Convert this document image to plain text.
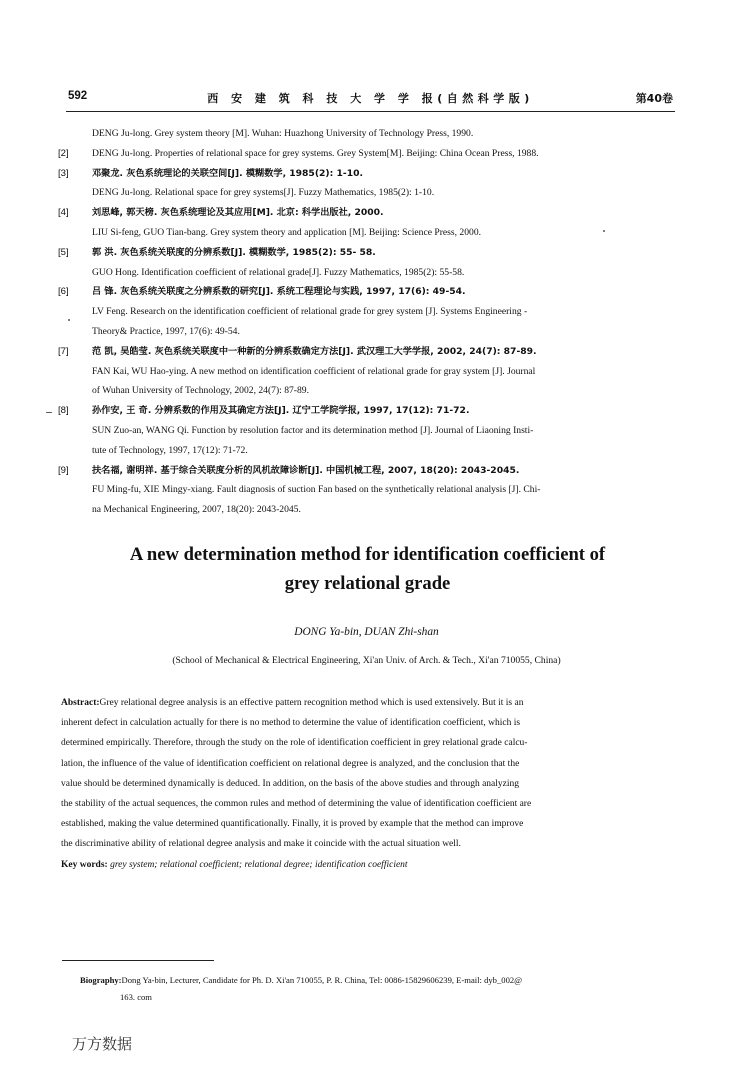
592	西 安 建 筑 科 技 大 学 学 报(自然科学版)	第40卷
DENG Ju-long. Grey system theory [M]. Wuhan: Huazhong University of Technology Press, 1990.
[2] DENG Ju-long. Properties of relational space for grey systems. Grey System[M]. Beijing: China Ocean Press, 1988.
[3]	邓聚龙. 灰色系统理论的关联空间[J]. 模糊数学, 1985(2): 1-10.
DENG Ju-long. Relational space for grey systems[J]. Fuzzy Mathematics, 1985(2): 1-10.
[4]	刘思峰, 郭天榜. 灰色系统理论及其应用[M]. 北京: 科学出版社, 2000.
LIU Si-feng, GUO Tian-bang. Grey system theory and application [M]. Beijing: Science Press, 2000.
[5]	郭 洪. 灰色系统关联度的分辨系数[J]. 模糊数学, 1985(2): 55- 58.
GUO Hong. Identification coefficient of relational grade[J]. Fuzzy Mathematics, 1985(2): 55-58.
[6]	吕 锋. 灰色系统关联度之分辨系数的研究[J]. 系统工程理论与实践, 1997, 17(6): 49-54.
LV Feng. Research on the identification coefficient of relational grade for grey system [J]. Systems Engineering -
Theory& Practice, 1997, 17(6): 49-54.
[7]	范 凯, 吴皓莹. 灰色系统关联度中一种新的分辨系数确定方法[J]. 武汉理工大学学报, 2002, 24(7): 87-89.
FAN Kai, WU Hao-ying. A new method on identification coefficient of relational grade for gray system [J]. Journal
of Wuhan University of Technology, 2002, 24(7): 87-89.
[8]	孙作安, 王 奇. 分辨系数的作用及其确定方法[J]. 辽宁工学院学报, 1997, 17(12): 71-72.
SUN Zuo-an, WANG Qi. Function by resolution factor and its determination method [J]. Journal of Liaoning Insti-
tute of Technology, 1997, 17(12): 71-72.
[9]	扶名福, 谢明祥. 基于综合关联度分析的风机故障诊断[J]. 中国机械工程, 2007, 18(20): 2043-2045.
FU Ming-fu, XIE Mingy-xiang. Fault diagnosis of suction Fan based on the synthetically relational analysis [J]. Chi-
na Mechanical Engineering, 2007, 18(20): 2043-2045.
A new determination method for identification coefficient of
grey relational grade
DONG Ya-bin, DUAN Zhi-shan
(School of Mechanical & Electrical Engineering, Xi'an Univ. of Arch. & Tech., Xi'an 710055, China)
Abstract:Grey relational degree analysis is an effective pattern recognition method which is used extensively. But it is an
inherent defect in calculation actually for there is no method to determine the value of identification coefficient, which is
determined empirically. Therefore, through the study on the role of identification coefficient in grey relational grade calcu-
lation, the influence of the value of identification coefficient on relational degree is analyzed, and the conclusion that the
value should be determined dynamically is deduced. In addition, on the basis of the above studies and through analyzing
the stability of the actual sequences, the common rules and method of determining the value of identification coefficient are
established, making the value determined quantificationally. Finally, it is proved by example that the method can improve
the discriminative ability of relational degree analysis and make it coincide with the actual situation well.
Key words: grey system; relational coefficient; relational degree; identification coefficient
Biography:Dong Ya-bin, Lecturer, Candidate for Ph. D. Xi'an 710055, P. R. China, Tel: 0086-15829606239, E-mail: dyb_002@
163. com
万方数据
